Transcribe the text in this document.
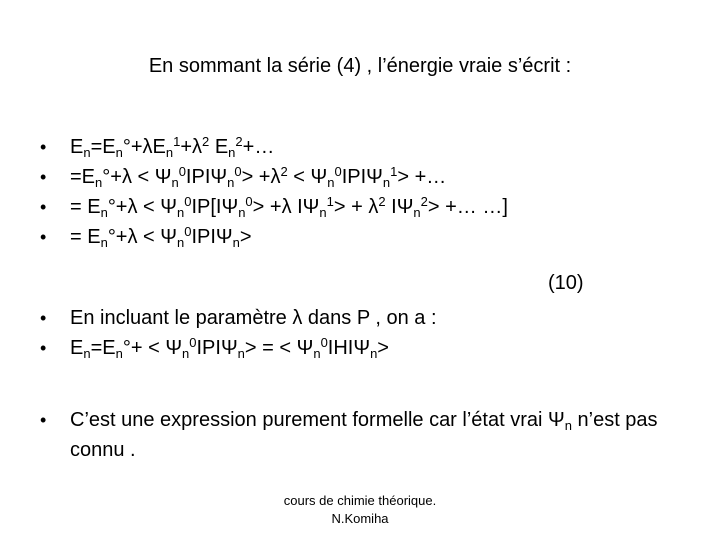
En sommant la série (4) , l’énergie vraie s’écrit :
• $E_n=E_n^\circ+\lambda E_n^1+\lambda^2$ $E_n^2+\dots$
• $=E_n^\circ+\lambda < \Psi_n^0IPI\Psi_n^0> +\lambda^2 < \Psi_n^0IPI\Psi_n^1>$ +…
• = $E_n^\circ+\lambda < \Psi_n^0IP[I\Psi_n^0> +\lambda$ $I\Psi_n^1> + \lambda^2$ $I\Psi_n^2>$ +… …]
• = $E_n^\circ+\lambda < \Psi_n^0IPI\Psi_n>$
(10)
• En incluant le paramètre λ dans P , on a :
• $E_n=E_n^\circ+ < \Psi_n^0IPI\Psi_n>$ = < $\Psi_n^0IHI\Psi_n>$
• C’est une expression purement formelle car l’état vrai $\Psi_n$ n’est pas connu .
cours de chimie théorique.
N.Komiha
